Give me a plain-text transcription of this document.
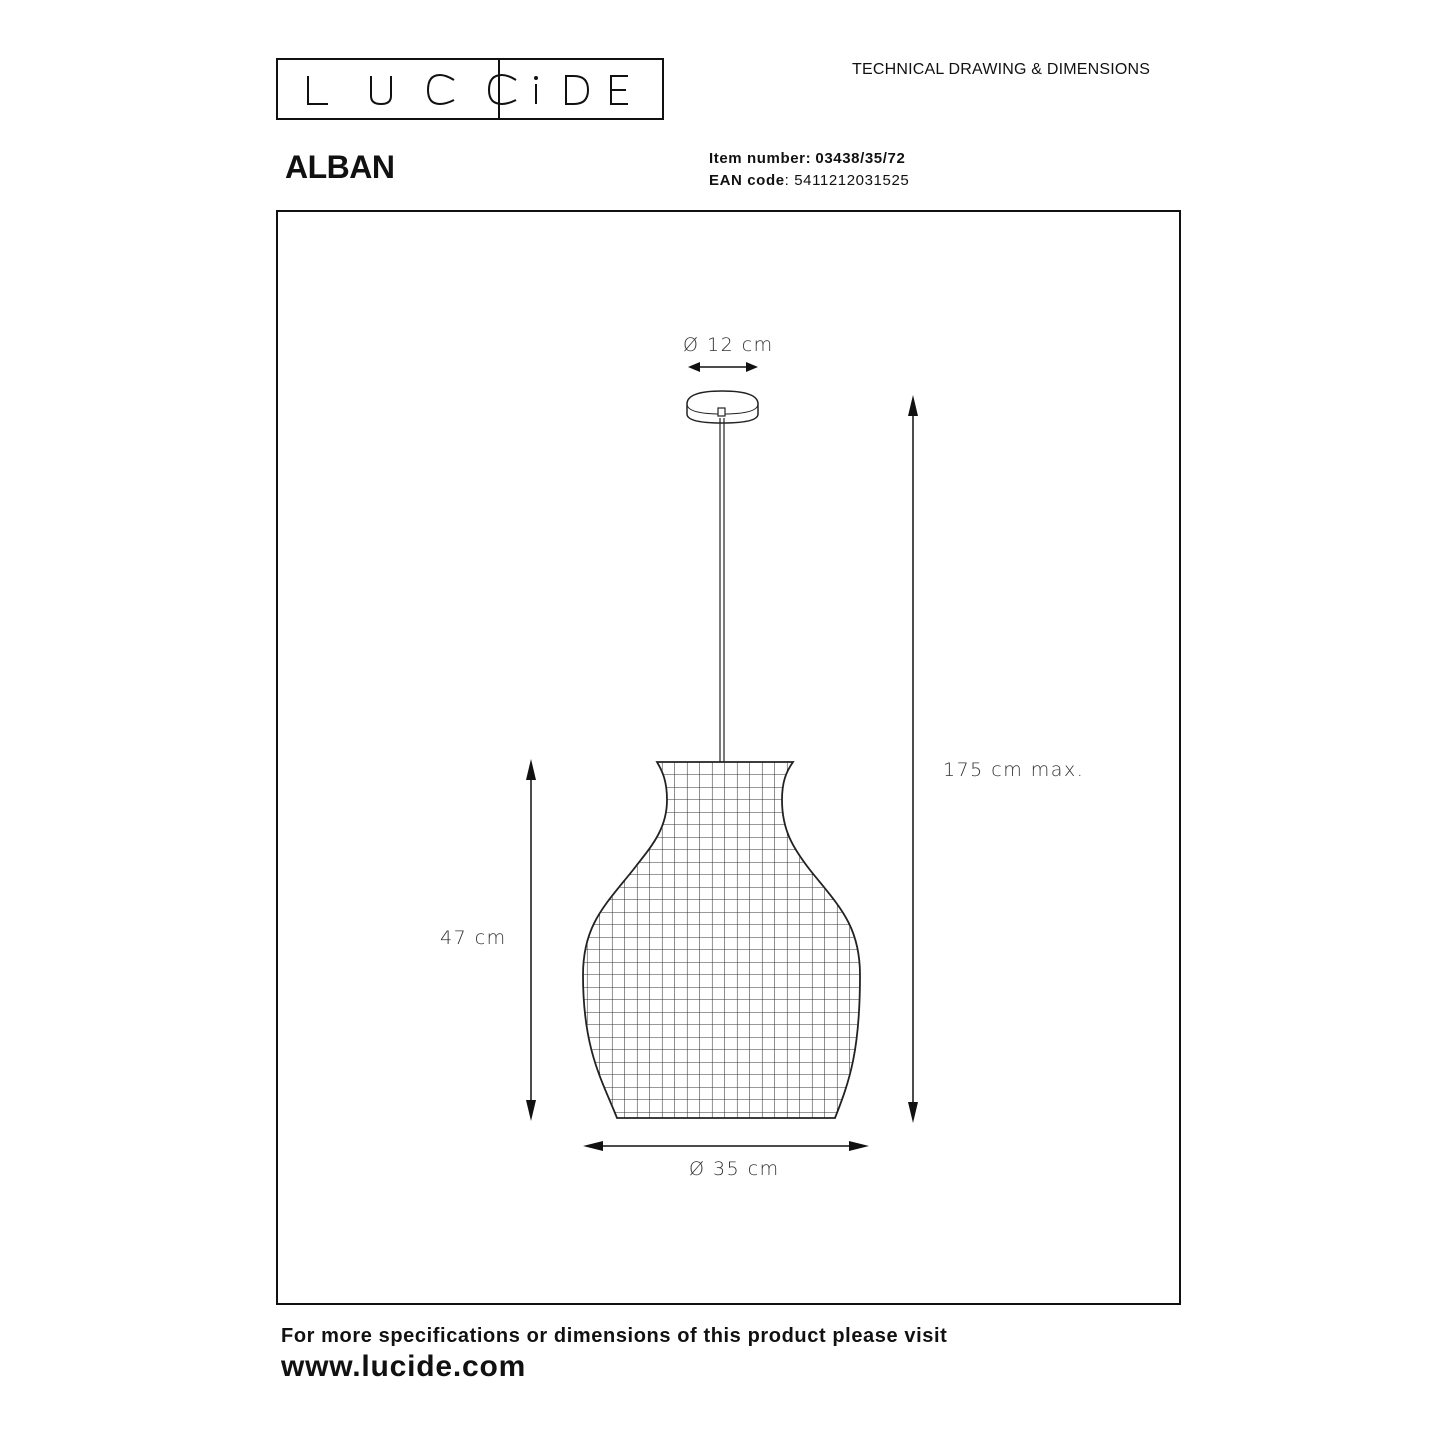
TECHNICAL DRAWING & DIMENSIONS
ALBAN	Item number: 03438/35/72
EAN code: 5411212031525
Ø 12 cm
175 cm max.
47 cm
Ø 35 cm
For more specifications or dimensions of this product please visit
www.lucide.com
